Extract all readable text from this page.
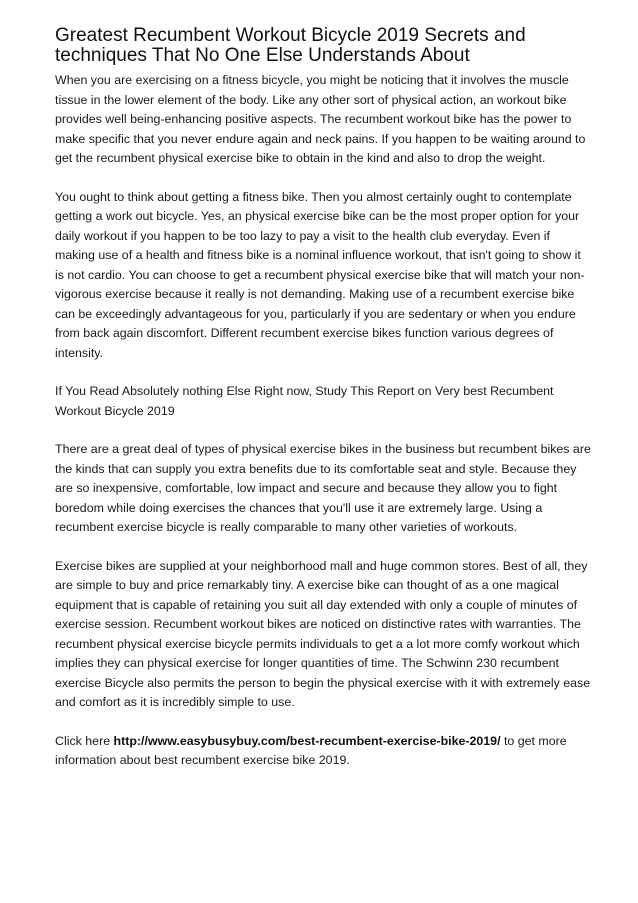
Greatest Recumbent Workout Bicycle 2019 Secrets and techniques That No One Else Understands About

When you are exercising on a fitness bicycle, you might be noticing that it involves the muscle tissue in the lower element of the body. Like any other sort of physical action, an workout bike provides well being-enhancing positive aspects. The recumbent workout bike has the power to make specific that you never endure again and neck pains. If you happen to be waiting around to get the recumbent physical exercise bike to obtain in the kind and also to drop the weight.

You ought to think about getting a fitness bike. Then you almost certainly ought to contemplate getting a work out bicycle. Yes, an physical exercise bike can be the most proper option for your daily workout if you happen to be too lazy to pay a visit to the health club everyday. Even if making use of a health and fitness bike is a nominal influence workout, that isn't going to show it is not cardio. You can choose to get a recumbent physical exercise bike that will match your non-vigorous exercise because it really is not demanding. Making use of a recumbent exercise bike can be exceedingly advantageous for you, particularly if you are sedentary or when you endure from back again discomfort. Different recumbent exercise bikes function various degrees of intensity.

If You Read Absolutely nothing Else Right now, Study This Report on Very best Recumbent Workout Bicycle 2019

There are a great deal of types of physical exercise bikes in the business but recumbent bikes are the kinds that can supply you extra benefits due to its comfortable seat and style. Because they are so inexpensive, comfortable, low impact and secure and because they allow you to fight boredom while doing exercises the chances that you'll use it are extremely large. Using a recumbent exercise bicycle is really comparable to many other varieties of workouts.

Exercise bikes are supplied at your neighborhood mall and huge common stores. Best of all, they are simple to buy and price remarkably tiny. A exercise bike can thought of as a one magical equipment that is capable of retaining you suit all day extended with only a couple of minutes of exercise session. Recumbent workout bikes are noticed on distinctive rates with warranties. The recumbent physical exercise bicycle permits individuals to get a a lot more comfy workout which implies they can physical exercise for longer quantities of time. The Schwinn 230 recumbent exercise Bicycle also permits the person to begin the physical exercise with it with extremely ease and comfort as it is incredibly simple to use.

Click here http://www.easybusybuy.com/best-recumbent-exercise-bike-2019/ to get more information about best recumbent exercise bike 2019.
